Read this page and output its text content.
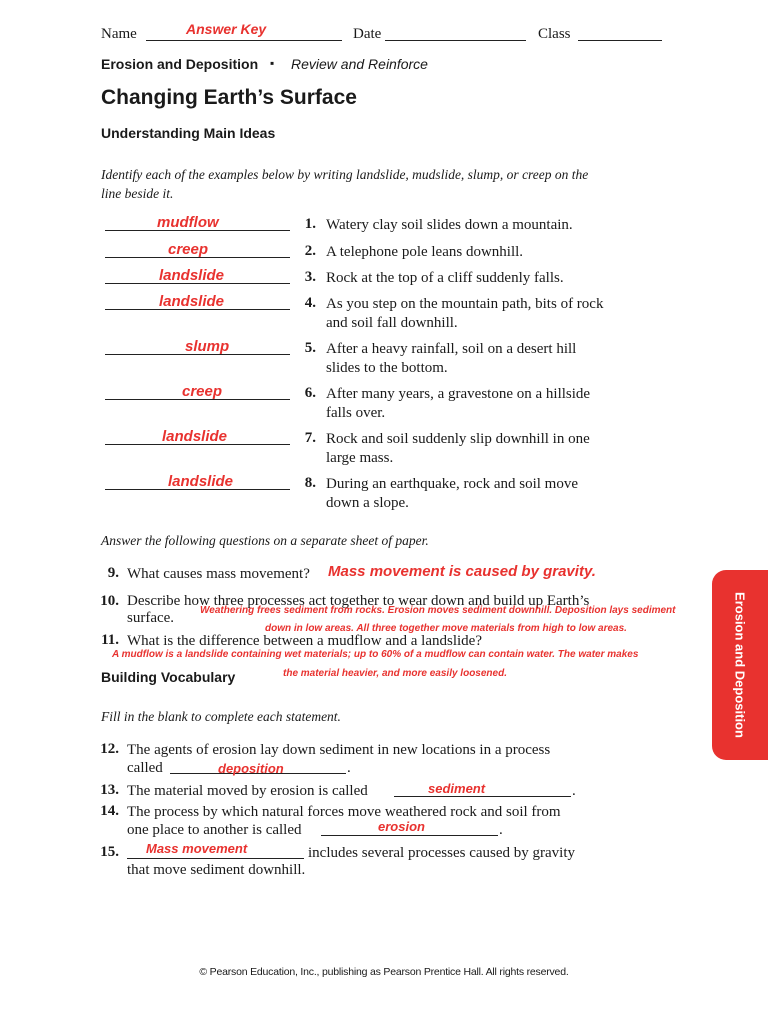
Name	Answer Key	Date	Class
Erosion and Deposition ▪ Review and Reinforce
Changing Earth’s Surface
Understanding Main Ideas
Identify each of the examples below by writing landslide, mudslide, slump, or creep on the line beside it.
mudflow	1. Watery clay soil slides down a mountain.
creep	2. A telephone pole leans downhill.
landslide	3. Rock at the top of a cliff suddenly falls.
landslide	4. As you step on the mountain path, bits of rock and soil fall downhill.
slump	5. After a heavy rainfall, soil on a desert hill slides to the bottom.
creep	6. After many years, a gravestone on a hillside falls over.
landslide	7. Rock and soil suddenly slip downhill in one large mass.
landslide	8. During an earthquake, rock and soil move down a slope.
Answer the following questions on a separate sheet of paper.
9. What causes mass movement? Mass movement is caused by gravity.
10. Describe how three processes act together to wear down and build up Earth’s surface.	Weathering frees sediment from rocks. Erosion moves sediment downhill. Deposition lays sediment
down in low areas. All three together move materials from high to low areas.
11. What is the difference between a mudflow and a landslide?
A mudflow is a landslide containing wet materials; up to 60% of a mudflow can contain water. The water makes
the material heavier, and more easily loosened.
Building Vocabulary
Fill in the blank to complete each statement.
12. The agents of erosion lay down sediment in new locations in a process
called	deposition	.
13. The material moved by erosion is called	sediment	.
14. The process by which natural forces move weathered rock and soil from
one place to another is called	erosion	.
15. Mass movement	includes several processes caused by gravity
that move sediment downhill.
Erosion and Deposition
© Pearson Education, Inc., publishing as Pearson Prentice Hall. All rights reserved.
